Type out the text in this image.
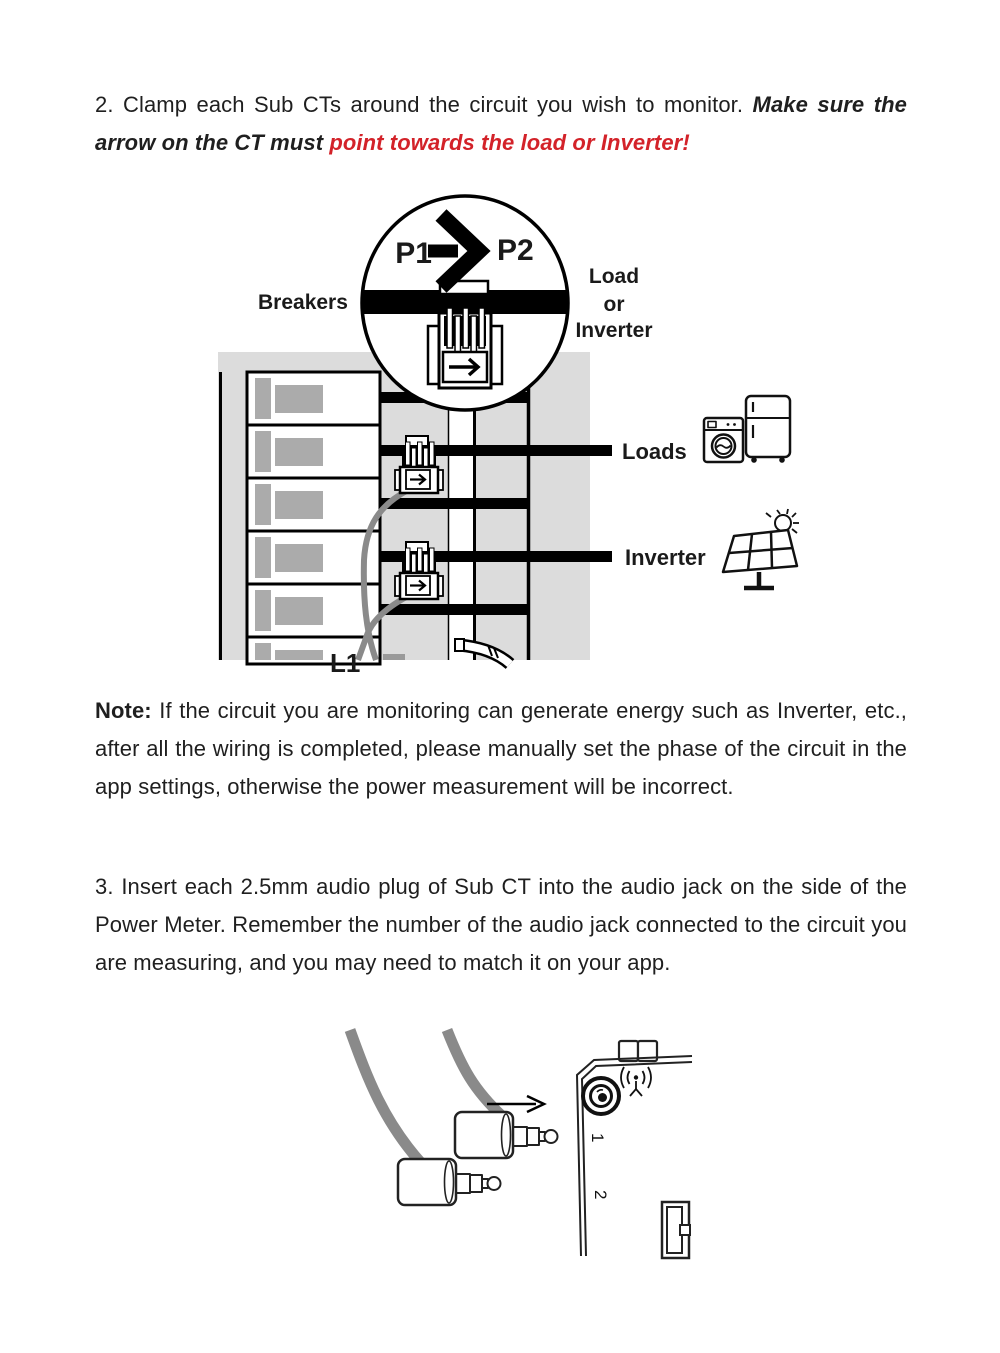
2. Clamp each Sub CTs around the circuit you wish to monitor. Make sure the arrow on the CT must point towards the load or Inverter!

P1 P2
Breakers
Load
or
Inverter
Loads
Inverter
L1

Note: If the circuit you are monitoring can generate energy such as Inverter, etc., after all the wiring is completed, please manually set the phase of the circuit in the app settings, otherwise the power measurement will be incorrect.

3. Insert each 2.5mm audio plug of Sub CT into the audio jack on the side of the Power Meter. Remember the number of the audio jack connected to the circuit you are measuring, and you may need to match it on your app.

1
2
